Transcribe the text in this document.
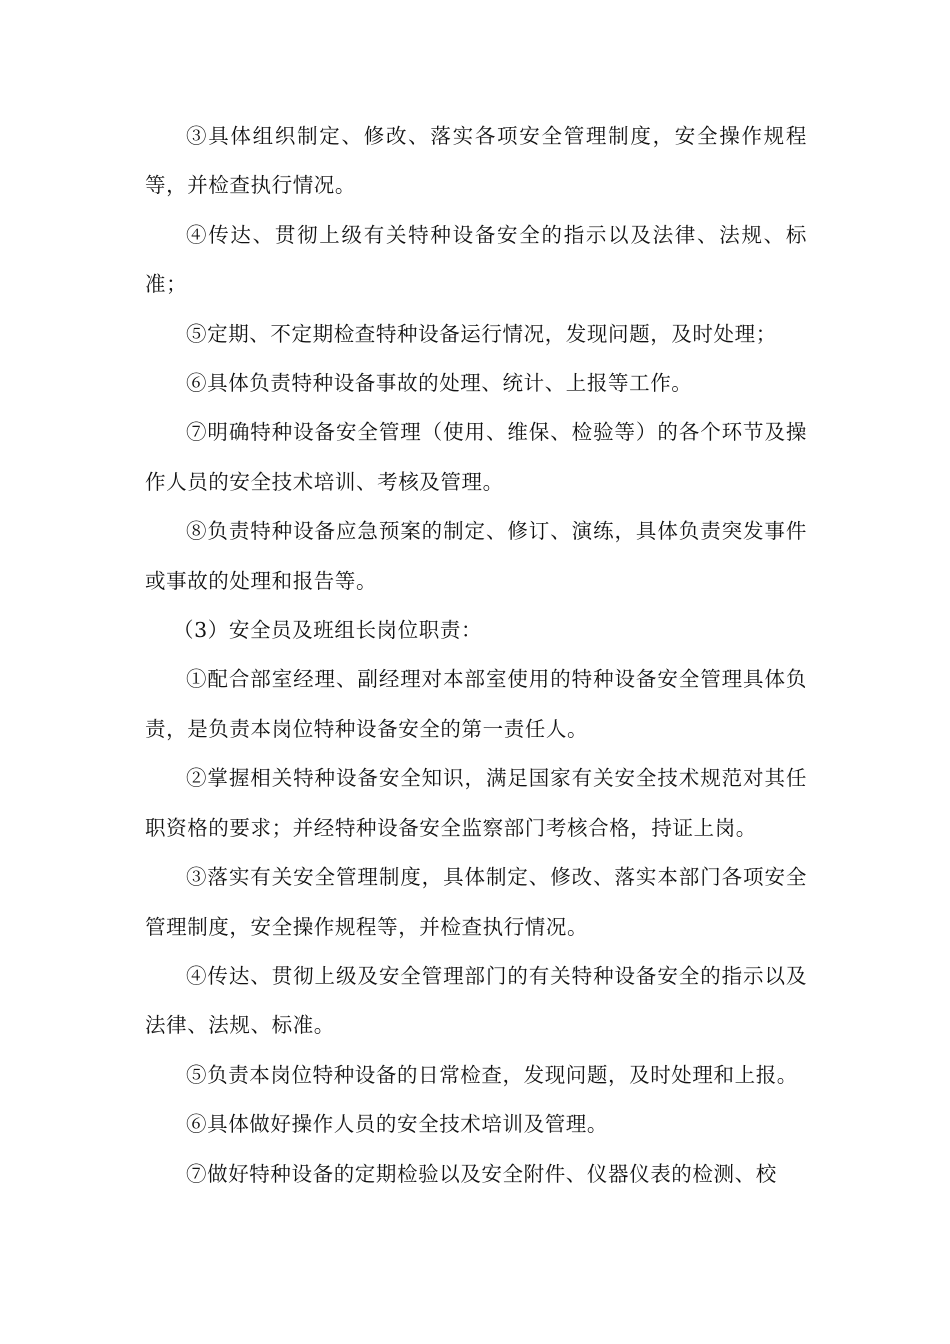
③具体组织制定、修改、落实各项安全管理制度，安全操作规程等，并检查执行情况。

④传达、贯彻上级有关特种设备安全的指示以及法律、法规、标准；

⑤定期、不定期检查特种设备运行情况，发现问题，及时处理；

⑥具体负责特种设备事故的处理、统计、上报等工作。

⑦明确特种设备安全管理（使用、维保、检验等）的各个环节及操作人员的安全技术培训、考核及管理。

⑧负责特种设备应急预案的制定、修订、演练，具体负责突发事件或事故的处理和报告等。

（3）安全员及班组长岗位职责：

①配合部室经理、副经理对本部室使用的特种设备安全管理具体负责，是负责本岗位特种设备安全的第一责任人。

②掌握相关特种设备安全知识，满足国家有关安全技术规范对其任职资格的要求；并经特种设备安全监察部门考核合格，持证上岗。

③落实有关安全管理制度，具体制定、修改、落实本部门各项安全管理制度，安全操作规程等，并检查执行情况。

④传达、贯彻上级及安全管理部门的有关特种设备安全的指示以及法律、法规、标准。

⑤负责本岗位特种设备的日常检查，发现问题，及时处理和上报。

⑥具体做好操作人员的安全技术培训及管理。

⑦做好特种设备的定期检验以及安全附件、仪器仪表的检测、校
